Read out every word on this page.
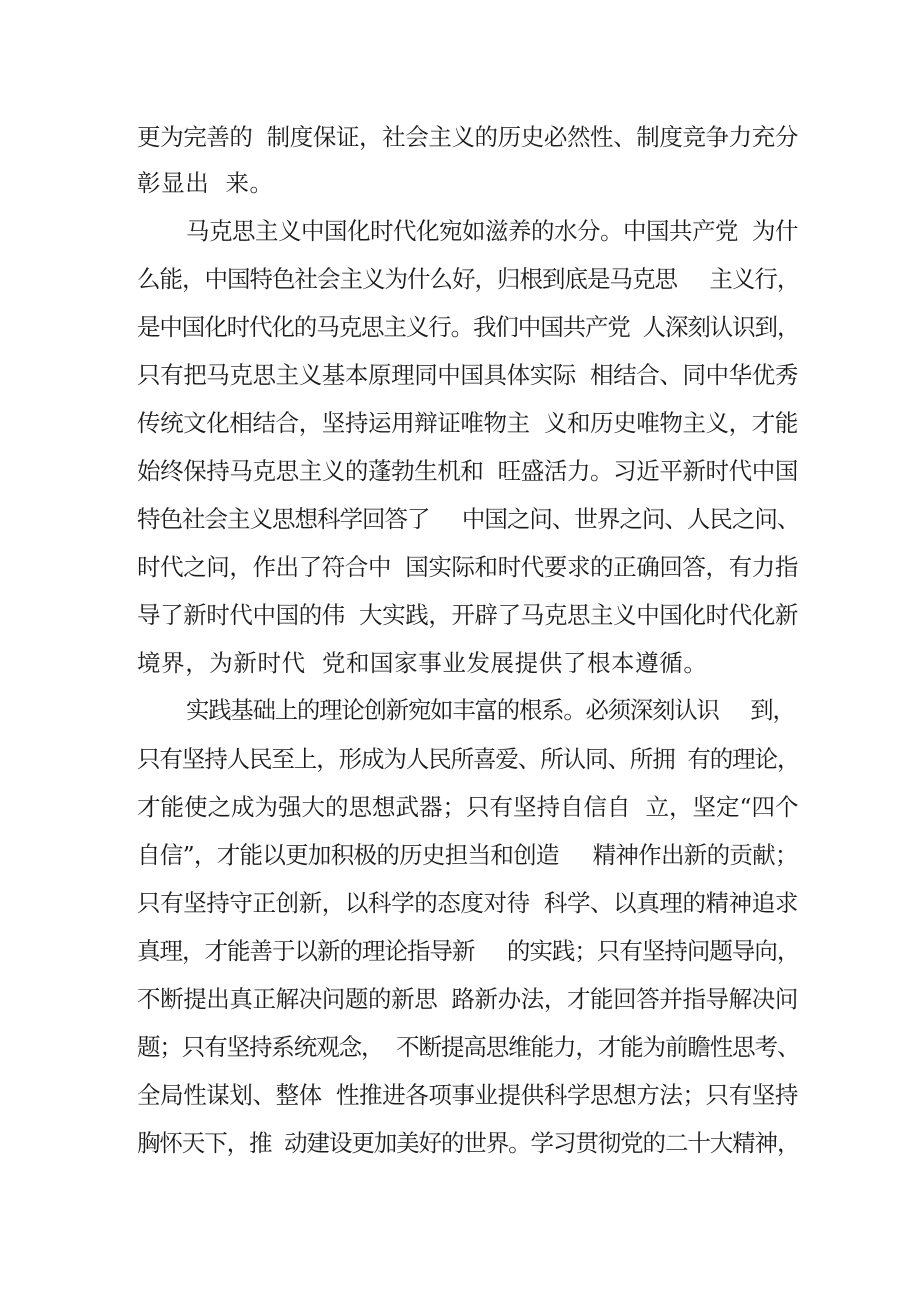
更为完善的  制度保证，社会主义的历史必然性、制度竞争力充分
彰显出  来。
马克思主义中国化时代化宛如滋养的水分。中国共产党  为什
么能，中国特色社会主义为什么好，归根到底是马克思     主义行，
是中国化时代化的马克思主义行。我们中国共产党  人深刻认识到，
只有把马克思主义基本原理同中国具体实际  相结合、同中华优秀
传统文化相结合，坚持运用辩证唯物主  义和历史唯物主义，才能
始终保持马克思主义的蓬勃生机和  旺盛活力。习近平新时代中国
特色社会主义思想科学回答了     中国之问、世界之问、人民之问、
时代之问，作出了符合中  国实际和时代要求的正确回答，有力指
导了新时代中国的伟  大实践，开辟了马克思主义中国化时代化新
境界，为新时代  党和国家事业发展提供了根本遵循。
实践基础上的理论创新宛如丰富的根系。必须深刻认识     到，
只有坚持人民至上，形成为人民所喜爱、所认同、所拥  有的理论，
才能使之成为强大的思想武器；只有坚持自信自  立，坚定“四个
自信”，才能以更加积极的历史担当和创造     精神作出新的贡献；
只有坚持守正创新，以科学的态度对待  科学、以真理的精神追求
真理，才能善于以新的理论指导新     的实践；只有坚持问题导向，
不断提出真正解决问题的新思  路新办法，才能回答并指导解决问
题；只有坚持系统观念，  不断提高思维能力，才能为前瞻性思考、
全局性谋划、整体  性推进各项事业提供科学思想方法；只有坚持
胸怀天下，推  动建设更加美好的世界。学习贯彻党的二十大精神，
